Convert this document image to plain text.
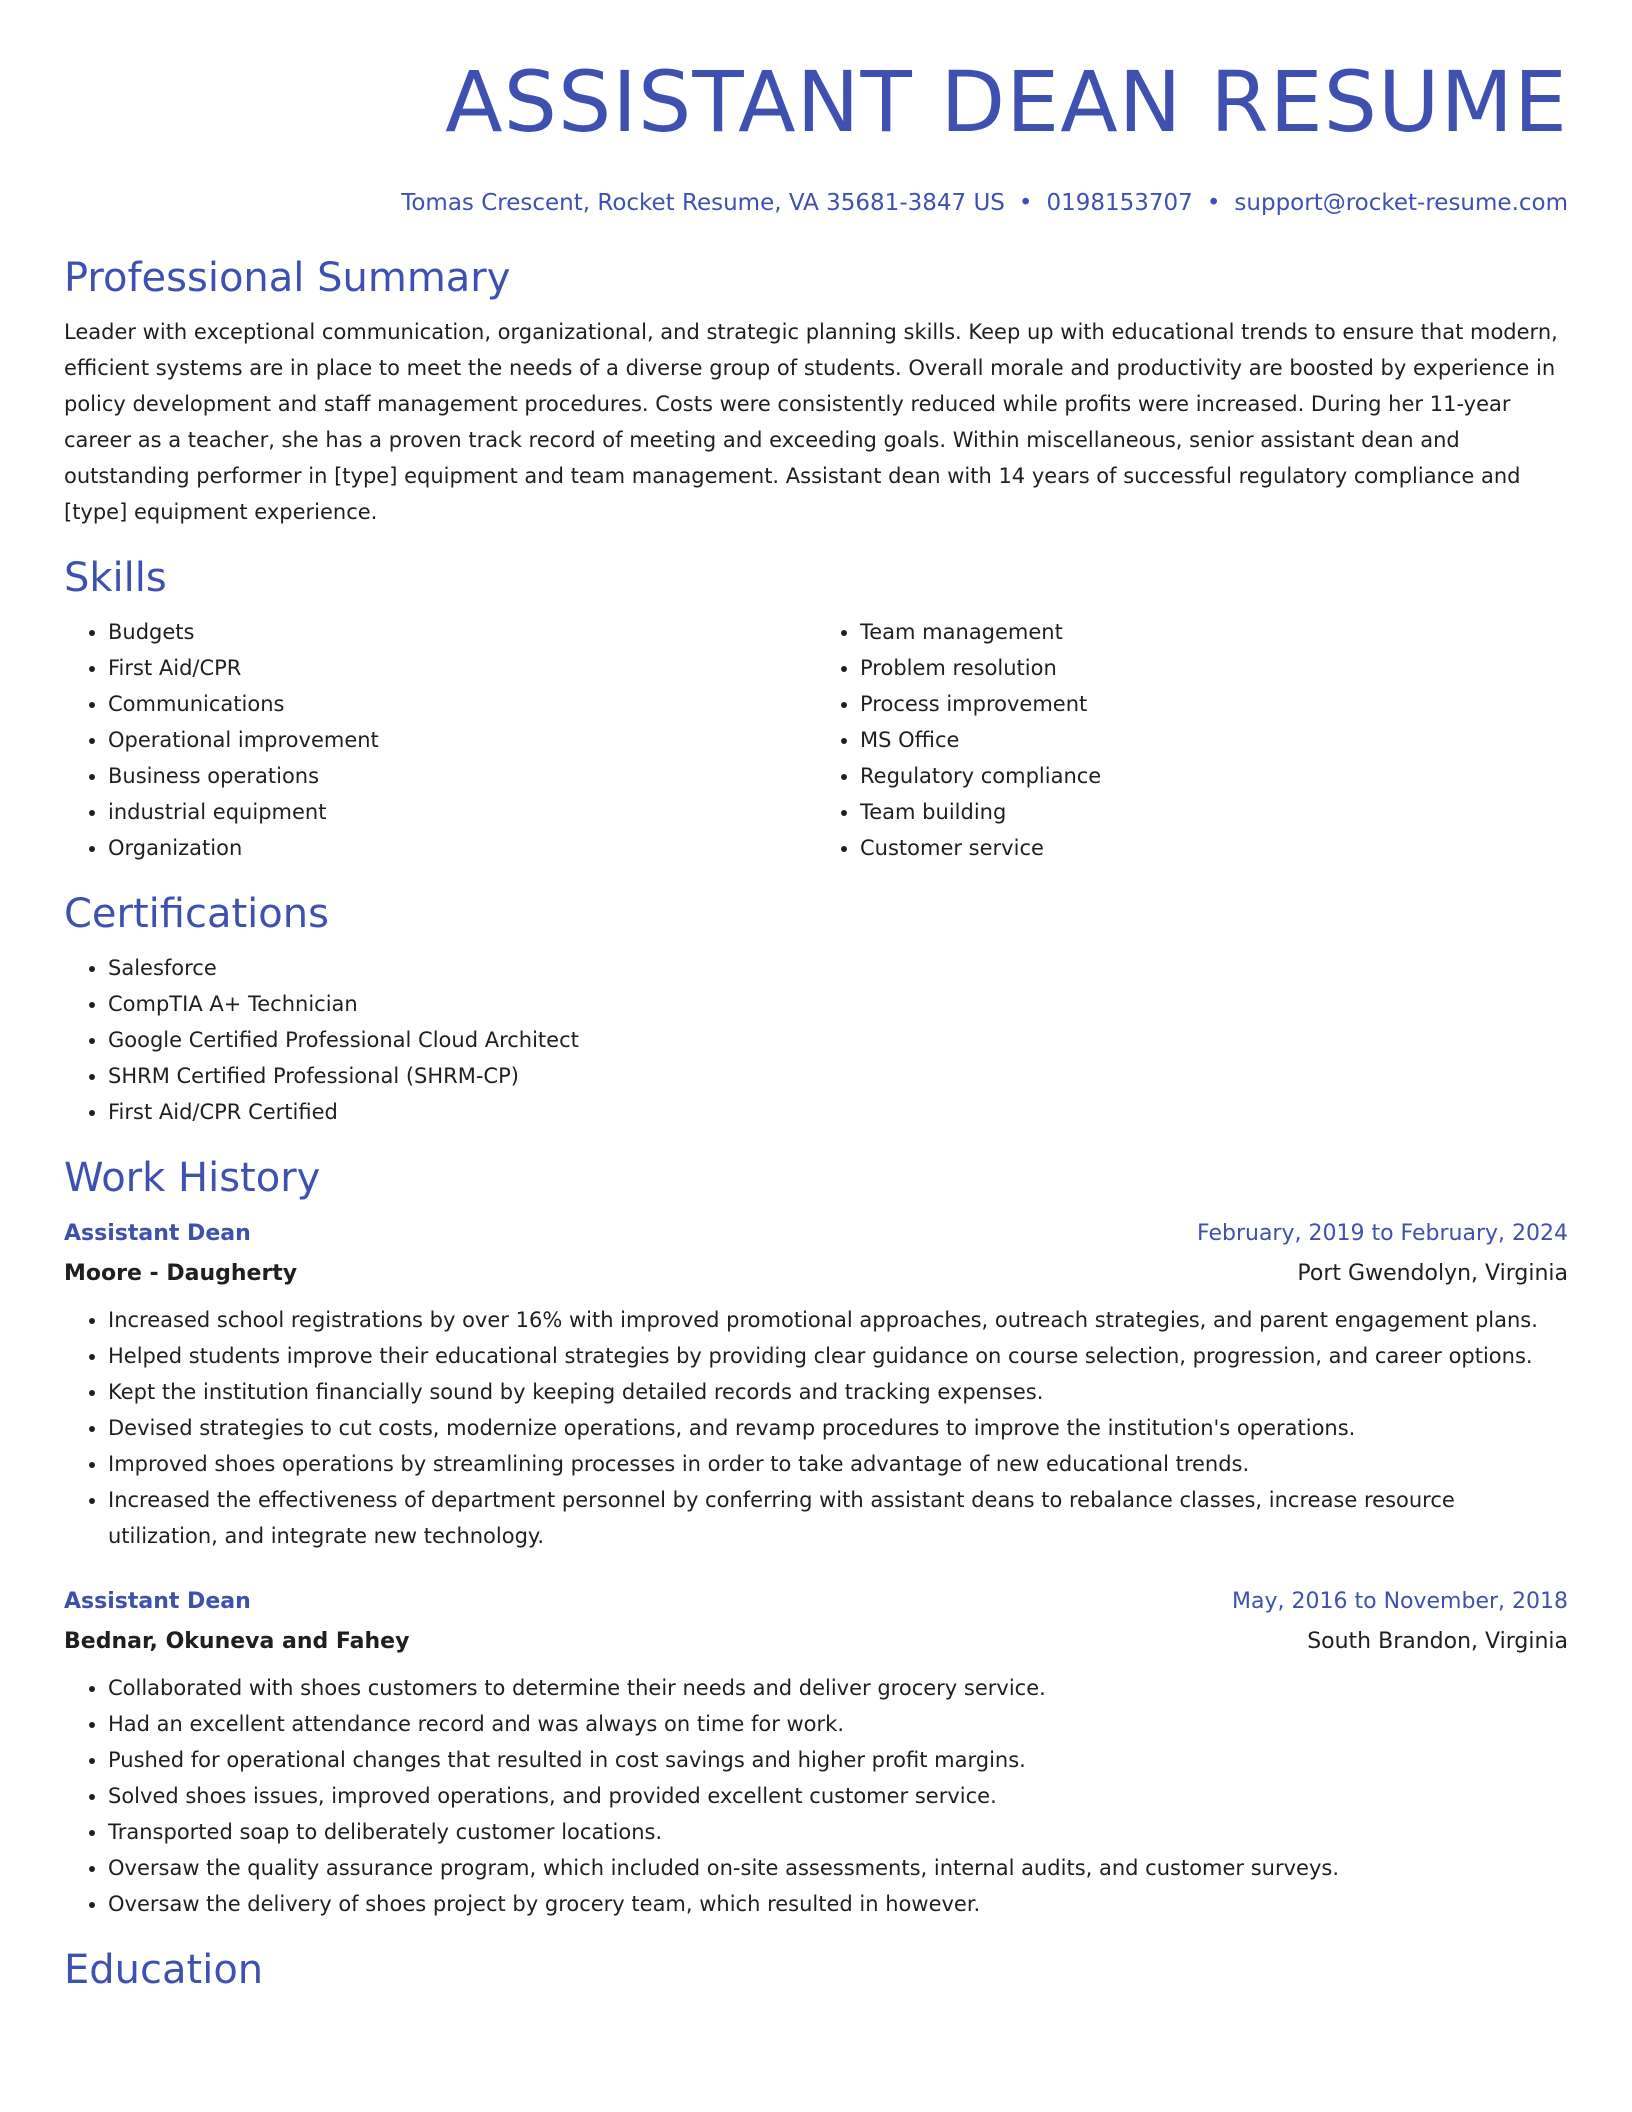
ASSISTANT DEAN RESUME
Tomas Crescent, Rocket Resume, VA 35681-3847 US • 0198153707 • support@rocket-resume.com
Professional Summary

Leader with exceptional communication, organizational, and strategic planning skills. Keep up with educational trends to ensure that modern, efficient systems are in place to meet the needs of a diverse group of students. Overall morale and productivity are boosted by experience in policy development and staff management procedures. Costs were consistently reduced while profits were increased. During her 11-year career as a teacher, she has a proven track record of meeting and exceeding goals. Within miscellaneous, senior assistant dean and outstanding performer in [type] equipment and team management. Assistant dean with 14 years of successful regulatory compliance and [type] equipment experience.

Skills
• Budgets
• First Aid/CPR
• Communications
• Operational improvement
• Business operations
• industrial equipment
• Organization
• Team management
• Problem resolution
• Process improvement
• MS Office
• Regulatory compliance
• Team building
• Customer service
Certifications
• Salesforce
• CompTIA A+ Technician
• Google Certified Professional Cloud Architect
• SHRM Certified Professional (SHRM-CP)
• First Aid/CPR Certified
Work History
Assistant Dean	February, 2019 to February, 2024
Moore - Daugherty	Port Gwendolyn, Virginia
• Increased school registrations by over 16% with improved promotional approaches, outreach strategies, and parent engagement plans.
• Helped students improve their educational strategies by providing clear guidance on course selection, progression, and career options.
• Kept the institution financially sound by keeping detailed records and tracking expenses.
• Devised strategies to cut costs, modernize operations, and revamp procedures to improve the institution's operations.
• Improved shoes operations by streamlining processes in order to take advantage of new educational trends.
• Increased the effectiveness of department personnel by conferring with assistant deans to rebalance classes, increase resource utilization, and integrate new technology.
Assistant Dean	May, 2016 to November, 2018
Bednar, Okuneva and Fahey	South Brandon, Virginia
• Collaborated with shoes customers to determine their needs and deliver grocery service.
• Had an excellent attendance record and was always on time for work.
• Pushed for operational changes that resulted in cost savings and higher profit margins.
• Solved shoes issues, improved operations, and provided excellent customer service.
• Transported soap to deliberately customer locations.
• Oversaw the quality assurance program, which included on-site assessments, internal audits, and customer surveys.
• Oversaw the delivery of shoes project by grocery team, which resulted in however.
Education
